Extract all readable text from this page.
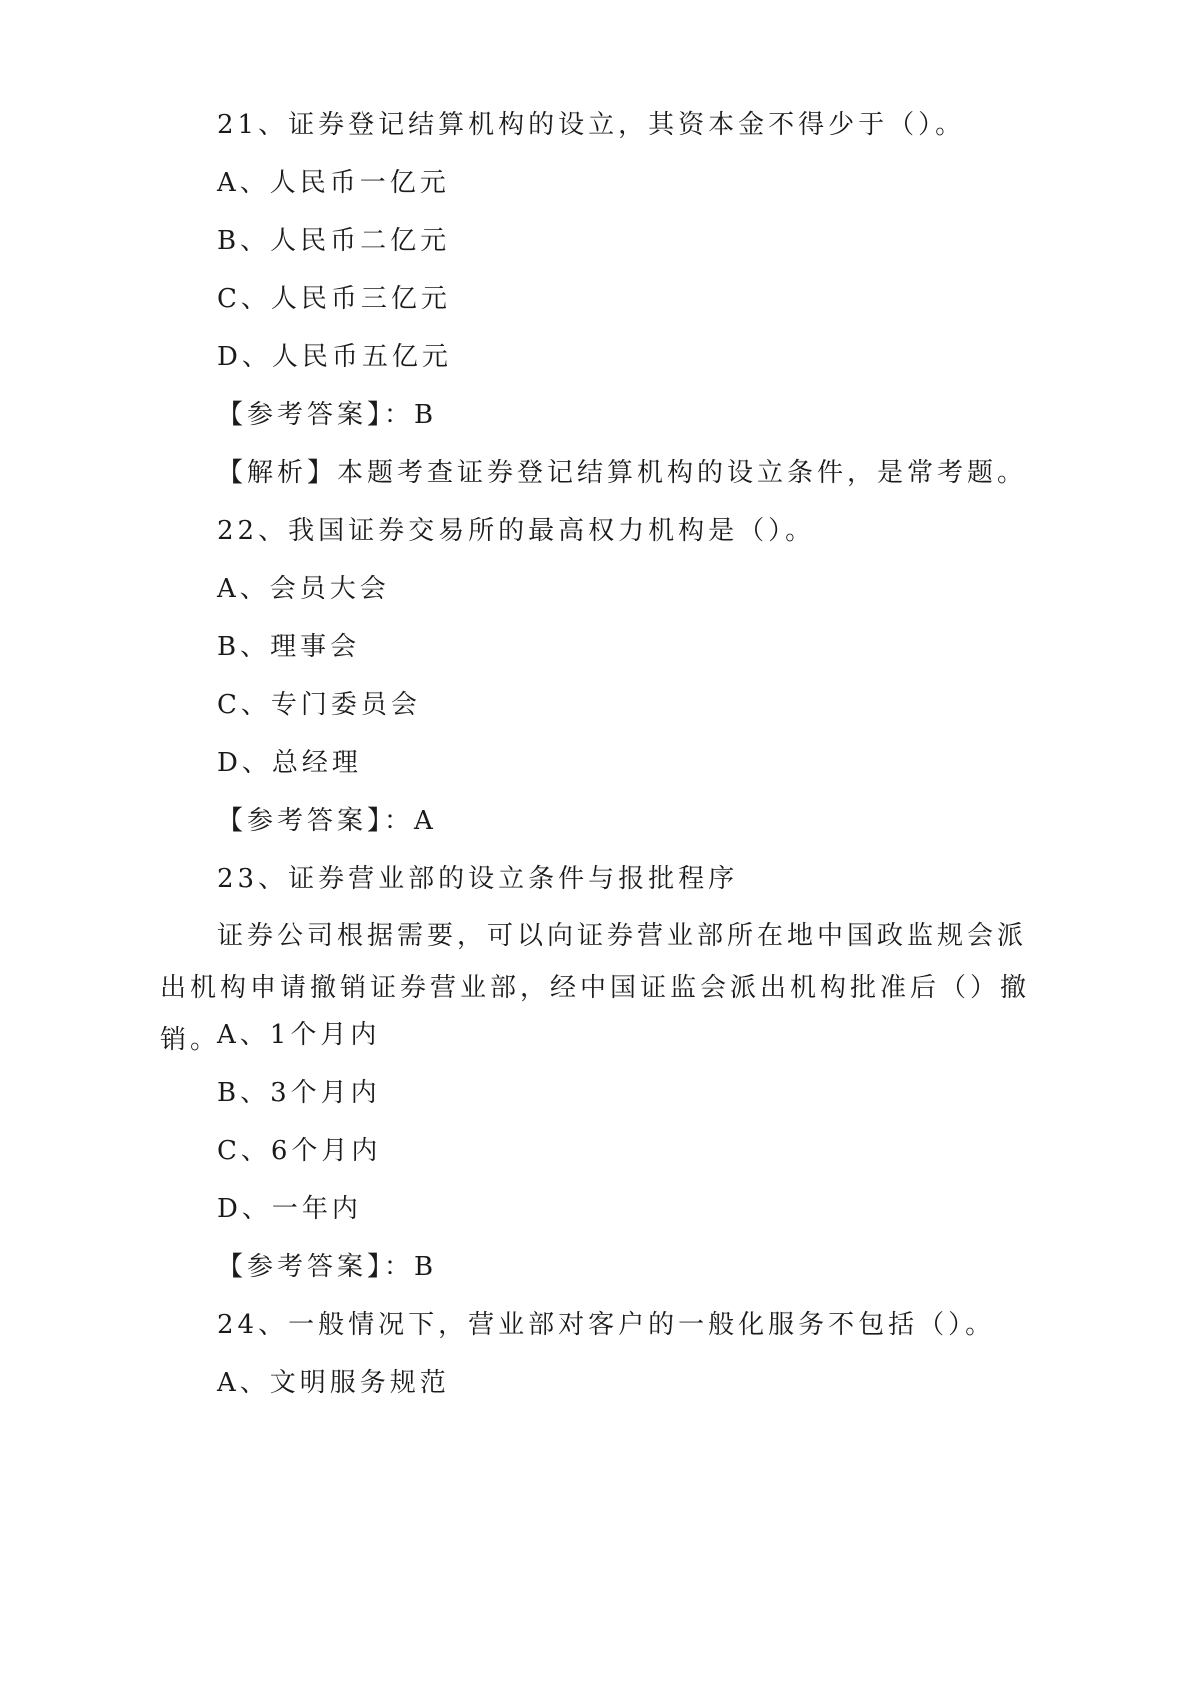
21、证券登记结算机构的设立，其资本金不得少于（）。
A、人民币一亿元
B、人民币二亿元
C、人民币三亿元
D、人民币五亿元
【参考答案】：B
【解析】本题考查证券登记结算机构的设立条件，是常考题。
22、我国证券交易所的最高权力机构是（）。
A、会员大会
B、理事会
C、专门委员会
D、总经理
【参考答案】：A
23、证券营业部的设立条件与报批程序
证券公司根据需要，可以向证券营业部所在地中国政监规会派出机构申请撤销证券营业部，经中国证监会派出机构批准后（）撤销。
A、1个月内
B、3个月内
C、6个月内
D、一年内
【参考答案】：B
24、一般情况下，营业部对客户的一般化服务不包括（）。
A、文明服务规范
